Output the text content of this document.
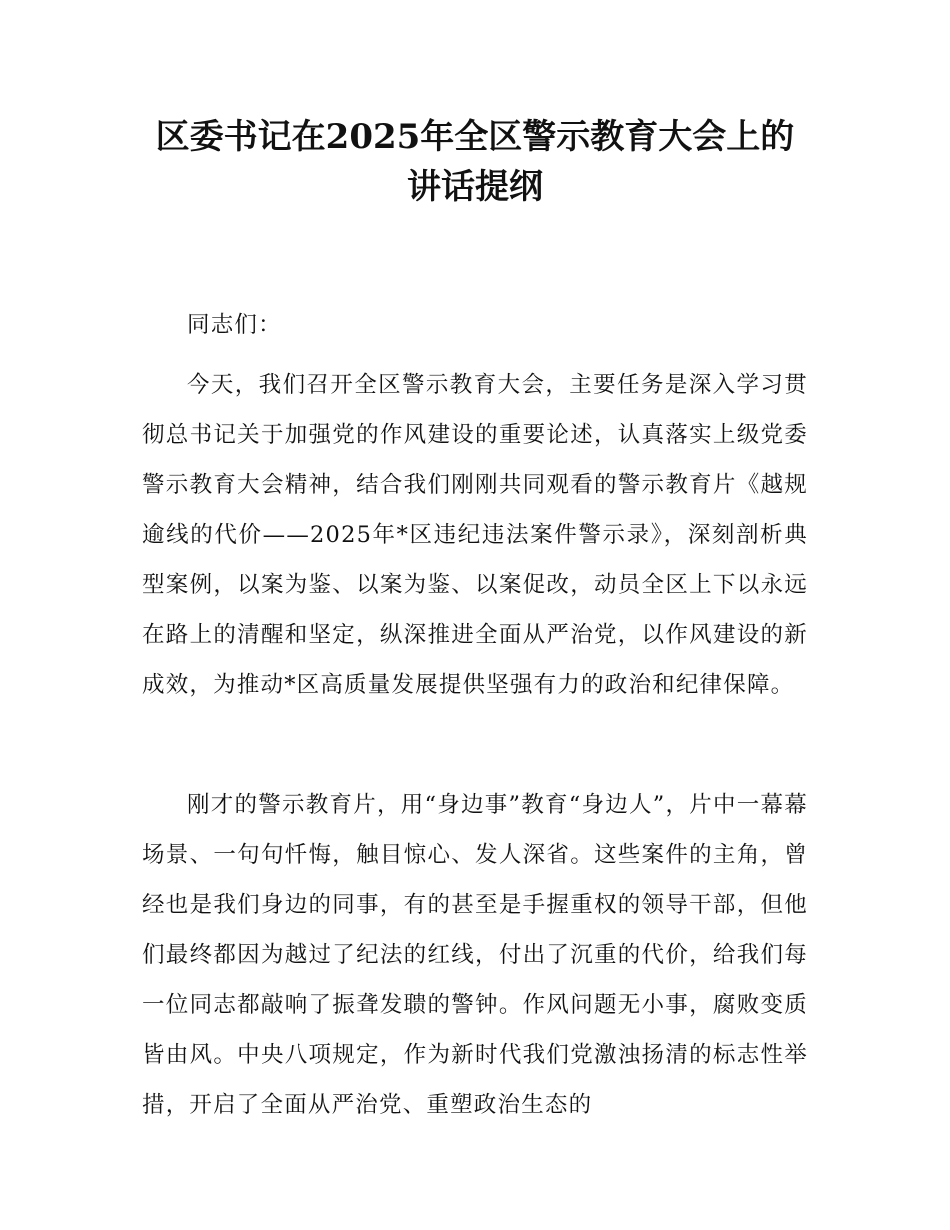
区委书记在2025年全区警示教育大会上的讲话提纲

同志们：

今天，我们召开全区警示教育大会，主要任务是深入学习贯彻总书记关于加强党的作风建设的重要论述，认真落实上级党委警示教育大会精神，结合我们刚刚共同观看的警示教育片《越规逾线的代价——2025年*区违纪违法案件警示录》，深刻剖析典型案例，以案为鉴、以案为鉴、以案促改，动员全区上下以永远在路上的清醒和坚定，纵深推进全面从严治党，以作风建设的新成效，为推动*区高质量发展提供坚强有力的政治和纪律保障。

刚才的警示教育片，用“身边事”教育“身边人”，片中一幕幕场景、一句句忏悔，触目惊心、发人深省。这些案件的主角，曾经也是我们身边的同事，有的甚至是手握重权的领导干部，但他们最终都因为越过了纪法的红线，付出了沉重的代价，给我们每一位同志都敲响了振聋发聩的警钟。作风问题无小事，腐败变质皆由风。中央八项规定，作为新时代我们党激浊扬清的标志性举措，开启了全面从严治党、重塑政治生态的
